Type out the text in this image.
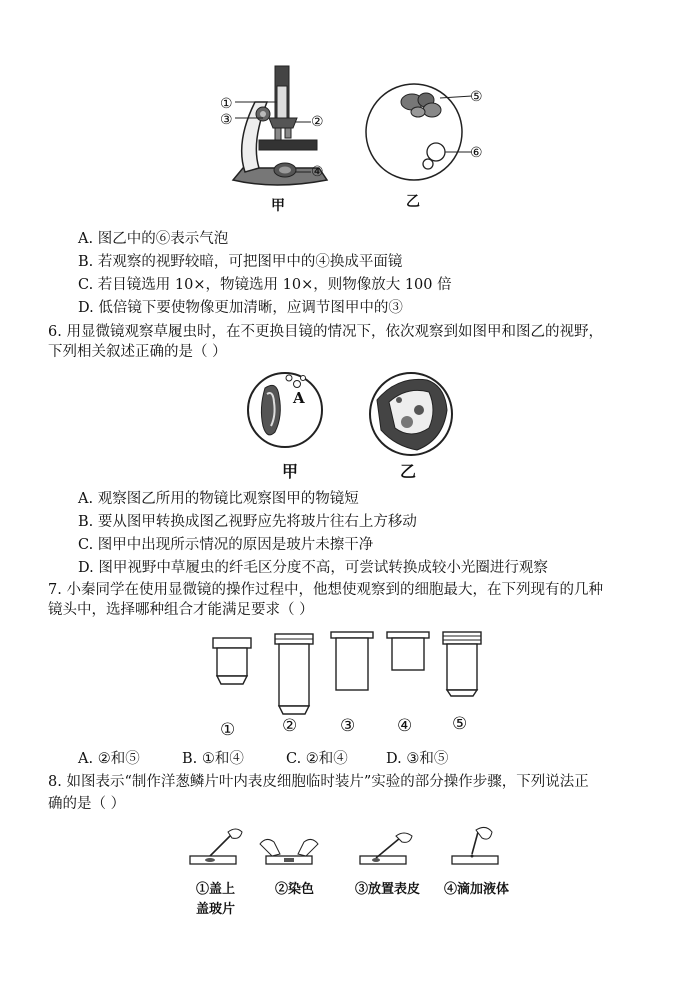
①
③	②
④
甲
⑤
⑥
乙
A. 图乙中的⑥表示气泡
B. 若观察的视野较暗，可把图甲中的④换成平面镜
C. 若目镜选用 10×，物镜选用 10×，则物像放大 100 倍
D. 低倍镜下要使物像更加清晰，应调节图甲中的③
6. 用显微镜观察草履虫时，在不更换目镜的情况下，依次观察到如图甲和图乙的视野，
下列相关叙述正确的是（ ）
A
甲	乙
A. 观察图乙所用的物镜比观察图甲的物镜短
B. 要从图甲转换成图乙视野应先将玻片往右上方移动
C. 图甲中出现所示情况的原因是玻片未擦干净
D. 图甲视野中草履虫的纤毛区分度不高，可尝试转换成较小光圈进行观察
7. 小秦同学在使用显微镜的操作过程中，他想使观察到的细胞最大，在下列现有的几种
镜头中，选择哪种组合才能满足要求（ ）
①	②	③ ④ ⑤
A. ②和⑤	B. ①和④	C. ②和④	D. ③和⑤
8. 如图表示“制作洋葱鳞片叶内表皮细胞临时装片”实验的部分操作步骤，下列说法正
确的是（ ）
①盖上
盖玻片
②染色	③放置表皮 ④滴加液体
